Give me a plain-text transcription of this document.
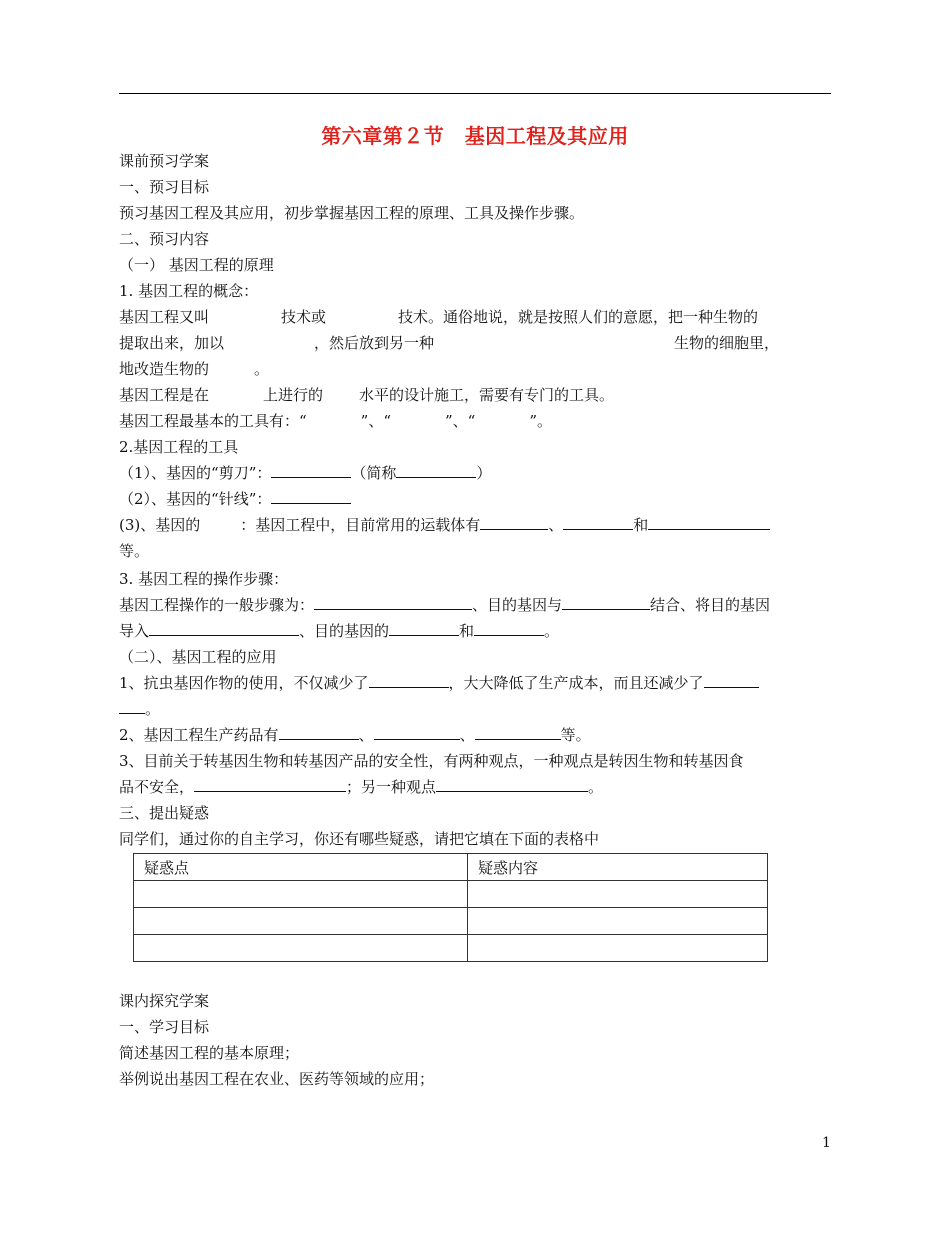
第六章第２节　基因工程及其应用
课前预习学案
一、预习目标
预习基因工程及其应用，初步掌握基因工程的原理、工具及操作步骤。
二、预习内容
（一） 基因工程的原理
1. 基因工程的概念：
基因工程又叫	技术或	技术。通俗地说，就是按照人们的意愿，把一种生物的
提取出来，加以	，然后放到另一种	生物的细胞里，
地改造生物的	。
基因工程是在	上进行的 水平的设计施工，需要有专门的工具。
基因工程最基本的工具有：“	”、“	”、“	”。
2.基因工程的工具
（1）、基因的“剪刀”：	（简称	）
（2）、基因的“针线”：
(3)、基因的	：基因工程中，目前常用的运载体有	、	和
等。
3. 基因工程的操作步骤：
基因工程操作的一般步骤为：	、目的基因与	结合、将目的基因
导入	、目的基因的	和	。
（二）、基因工程的应用
1、抗虫基因作物的使用，不仅减少了	，大大降低了生产成本，而且还减少了
。
2、基因工程生产药品有	、	、	等。
3、目前关于转基因生物和转基因产品的安全性，有两种观点，一种观点是转因生物和转基因食
品不安全，	；另一种观点	。
三、提出疑惑
同学们，通过你的自主学习，你还有哪些疑惑，请把它填在下面的表格中
疑惑点	疑惑内容

课内探究学案
一、学习目标
简述基因工程的基本原理；
举例说出基因工程在农业、医药等领域的应用；
1
